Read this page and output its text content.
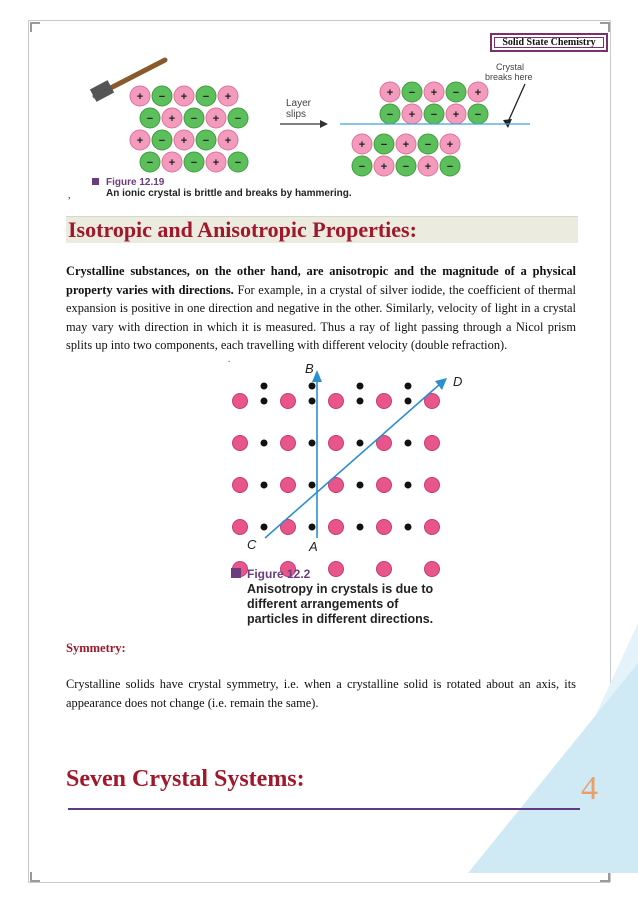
Solid State Chemistry
+ − + − +
− + − + −
+ − + − +
− + − + −
+ − + − +
− + − + −
+ − + − +
− + − + −
Layer
slips
Crystal
breaks here
Figure 12.19
An ionic crystal is brittle and breaks by hammering.
,
Isotropic and Anisotropic Properties:
Crystalline substances, on the other hand, are anisotropic and the magnitude of a physical property varies with directions. For example, in a crystal of silver iodide, the coefficient of thermal expansion is positive in one direction and negative in the other. Similarly, velocity of light in a crystal may vary with direction in which it is measured. Thus a ray of light passing through a Nicol prism splits up into two components, each travelling with different velocity (double refraction).
.
B
D
C	A
Figure 12.2
Anisotropy in crystals is due to
different arrangements of
particles in different directions.
Symmetry:
Crystalline solids have crystal symmetry, i.e. when a crystalline solid is rotated about an axis, its appearance does not change (i.e. remain the same).
Seven Crystal Systems:	4
